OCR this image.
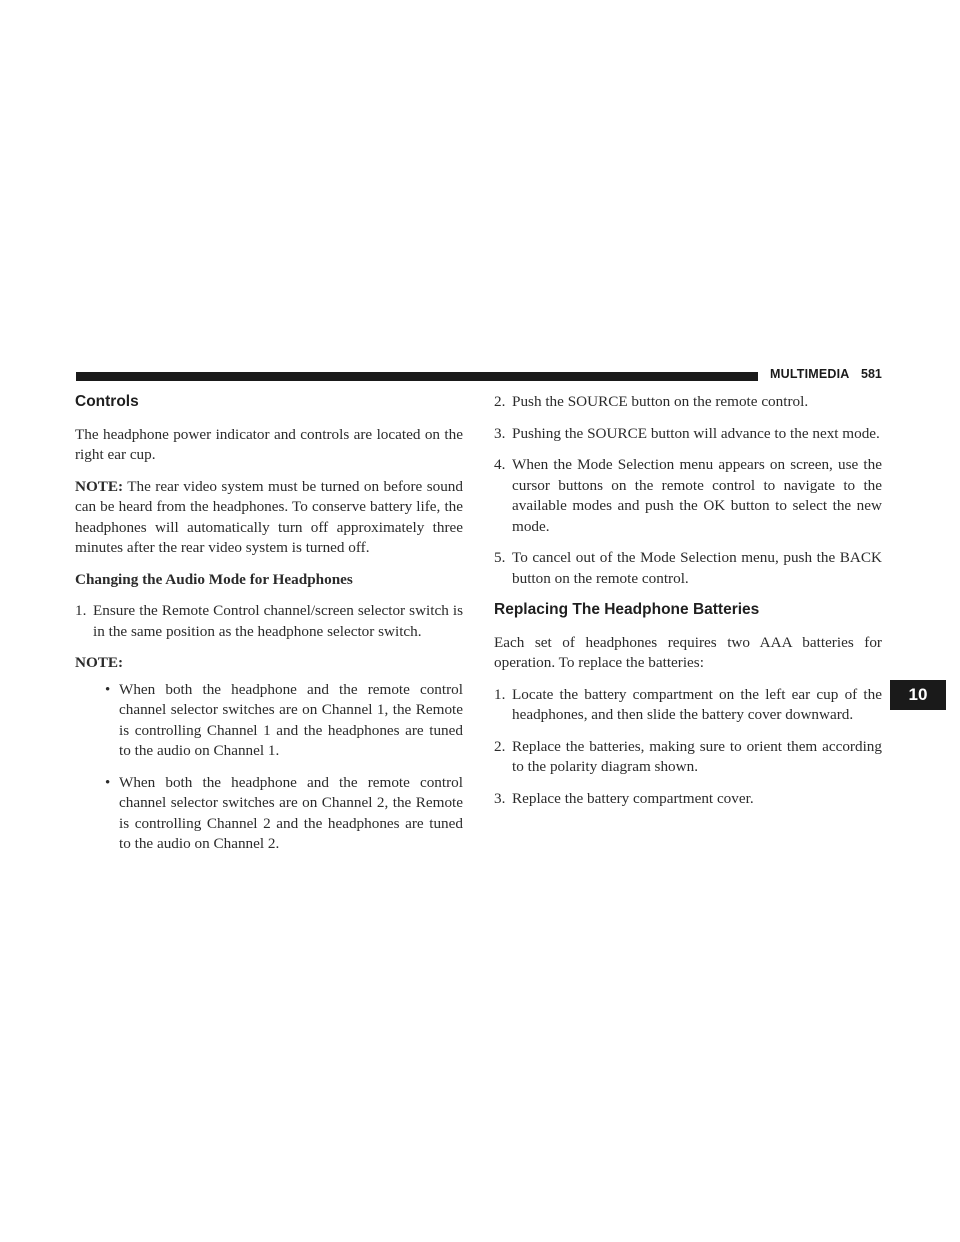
MULTIMEDIA 581
Controls

The headphone power indicator and controls are located on the right ear cup.

NOTE: The rear video system must be turned on before sound can be heard from the headphones. To conserve battery life, the headphones will automatically turn off approximately three minutes after the rear video system is turned off.

Changing the Audio Mode for Headphones

1. Ensure the Remote Control channel/screen selector switch is in the same position as the headphone selector switch.

NOTE:

• When both the headphone and the remote control channel selector switches are on Channel 1, the Remote is controlling Channel 1 and the headphones are tuned to the audio on Channel 1.
• When both the headphone and the remote control channel selector switches are on Channel 2, the Remote is controlling Channel 2 and the headphones are tuned to the audio on Channel 2.
2. Push the SOURCE button on the remote control.
3. Pushing the SOURCE button will advance to the next mode.
4. When the Mode Selection menu appears on screen, use the cursor buttons on the remote control to navigate to the available modes and push the OK button to select the new mode.
5. To cancel out of the Mode Selection menu, push the BACK button on the remote control.
Replacing The Headphone Batteries

Each set of headphones requires two AAA batteries for operation. To replace the batteries:

1. Locate the battery compartment on the left ear cup of the headphones, and then slide the battery cover downward.
2. Replace the batteries, making sure to orient them according to the polarity diagram shown.
3. Replace the battery compartment cover.
10
